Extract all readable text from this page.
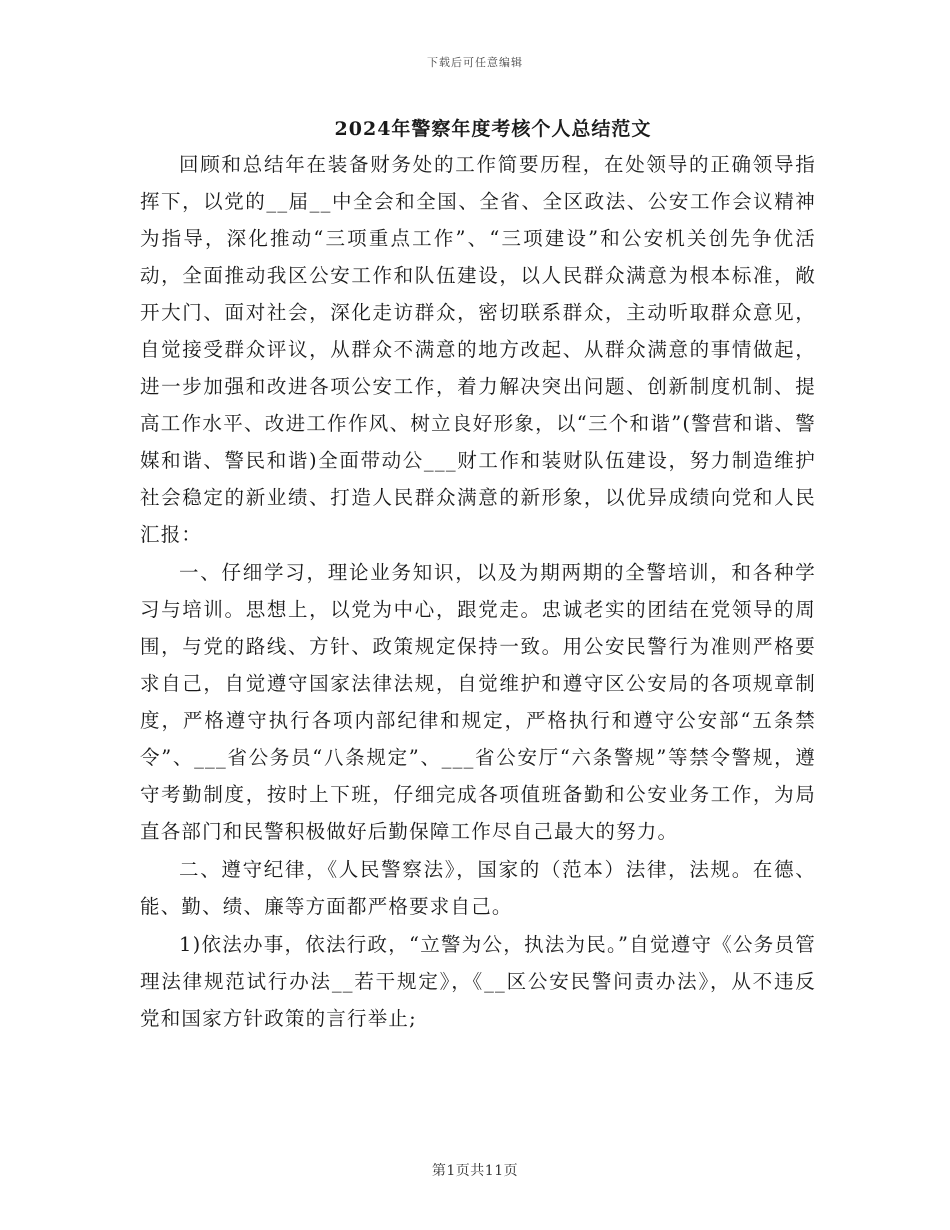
下载后可任意编辑
2024年警察年度考核个人总结范文

回顾和总结年在装备财务处的工作简要历程，在处领导的正确领导指挥下，以党的__届__中全会和全国、全省、全区政法、公安工作会议精神为指导，深化推动“三项重点工作”、“三项建设”和公安机关创先争优活动，全面推动我区公安工作和队伍建设，以人民群众满意为根本标准，敞开大门、面对社会，深化走访群众，密切联系群众，主动听取群众意见，自觉接受群众评议，从群众不满意的地方改起、从群众满意的事情做起，进一步加强和改进各项公安工作，着力解决突出问题、创新制度机制、提高工作水平、改进工作作风、树立良好形象，以“三个和谐”(警营和谐、警媒和谐、警民和谐)全面带动公___财工作和装财队伍建设，努力制造维护社会稳定的新业绩、打造人民群众满意的新形象，以优异成绩向党和人民汇报：

一、仔细学习，理论业务知识，以及为期两期的全警培训，和各种学习与培训。思想上，以党为中心，跟党走。忠诚老实的团结在党领导的周围，与党的路线、方针、政策规定保持一致。用公安民警行为准则严格要求自己，自觉遵守国家法律法规，自觉维护和遵守区公安局的各项规章制度，严格遵守执行各项内部纪律和规定，严格执行和遵守公安部“五条禁令”、___省公务员“八条规定”、___省公安厅“六条警规”等禁令警规，遵守考勤制度，按时上下班，仔细完成各项值班备勤和公安业务工作，为局直各部门和民警积极做好后勤保障工作尽自己最大的努力。

二、遵守纪律，《人民警察法》，国家的（范本）法律，法规。在德、能、勤、绩、廉等方面都严格要求自己。

1)依法办事，依法行政，“立警为公，执法为民。”自觉遵守《公务员管理法律规范试行办法__若干规定》，《__区公安民警问责办法》，从不违反党和国家方针政策的言行举止;

第1页共11页
